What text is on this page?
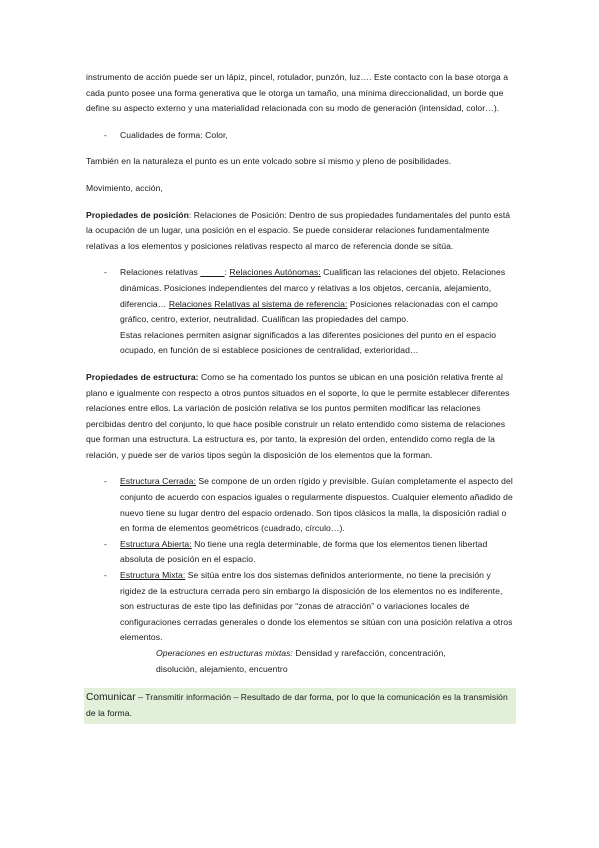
instrumento de acción puede ser un lápiz, pincel, rotulador, punzón, luz…. Este contacto con la base otorga a cada punto posee una forma generativa que le otorga un tamaño, una mínima direccionalidad, un borde que define su aspecto externo y una materialidad relacionada con su modo de generación (intensidad, color…).

- Cualidades de forma: Color,

También en la naturaleza el punto es un ente volcado sobre sí mismo y pleno de posibilidades.

Movimiento, acción,

Propiedades de posición: Relaciones de Posición: Dentro de sus propiedades fundamentales del punto está la ocupación de un lugar, una posición en el espacio. Se puede considerar relaciones fundamentalmente relativas a los elementos y posiciones relativas respecto al marco de referencia donde se sitúa.

- Relaciones relativas _____: Relaciones Autónomas: Cualifican las relaciones del objeto. Relaciones dinámicas. Posiciones independientes del marco y relativas a los objetos, cercanía, alejamiento, diferencia… Relaciones Relativas al sistema de referencia: Posiciones relacionadas con el campo gráfico, centro, exterior, neutralidad. Cualifican las propiedades del campo.
Estas relaciones permiten asignar significados a las diferentes posiciones del punto en el espacio ocupado, en función de si establece posiciones de centralidad, exterioridad…

Propiedades de estructura: Como se ha comentado los puntos se ubican en una posición relativa frente al plano e igualmente con respecto a otros puntos situados en el soporte, lo que le permite establecer diferentes relaciones entre ellos. La variación de posición relativa se los puntos permiten modificar las relaciones percibidas dentro del conjunto, lo que hace posible construir un relato entendido como sistema de relaciones que forman una estructura. La estructura es, por tanto, la expresión del orden, entendido como regla de la relación, y puede ser de varios tipos según la disposición de los elementos que la forman.

- Estructura Cerrada: Se compone de un orden rígido y previsible. Guían completamente el aspecto del conjunto de acuerdo con espacios iguales o regularmente dispuestos. Cualquier elemento añadido de nuevo tiene su lugar dentro del espacio ordenado. Son tipos clásicos la malla, la disposición radial o en forma de elementos geométricos (cuadrado, círculo…).
- Estructura Abierta: No tiene una regla determinable, de forma que los elementos tienen libertad absoluta de posición en el espacio.
- Estructura Mixta: Se sitúa entre los dos sistemas definidos anteriormente, no tiene la precisión y rigidez de la estructura cerrada pero sin embargo la disposición de los elementos no es indiferente, son estructuras de este tipo las definidas por “zonas de atracción” o variaciones locales de configuraciones cerradas generales o donde los elementos se sitúan con una posición relativa a otros elementos.
Operaciones en estructuras mixtas: Densidad y rarefacción, concentración,
disolución, alejamiento, encuentro
Comunicar – Transmitir información – Resultado de dar forma, por lo que la comunicación es la transmisión de la forma.
